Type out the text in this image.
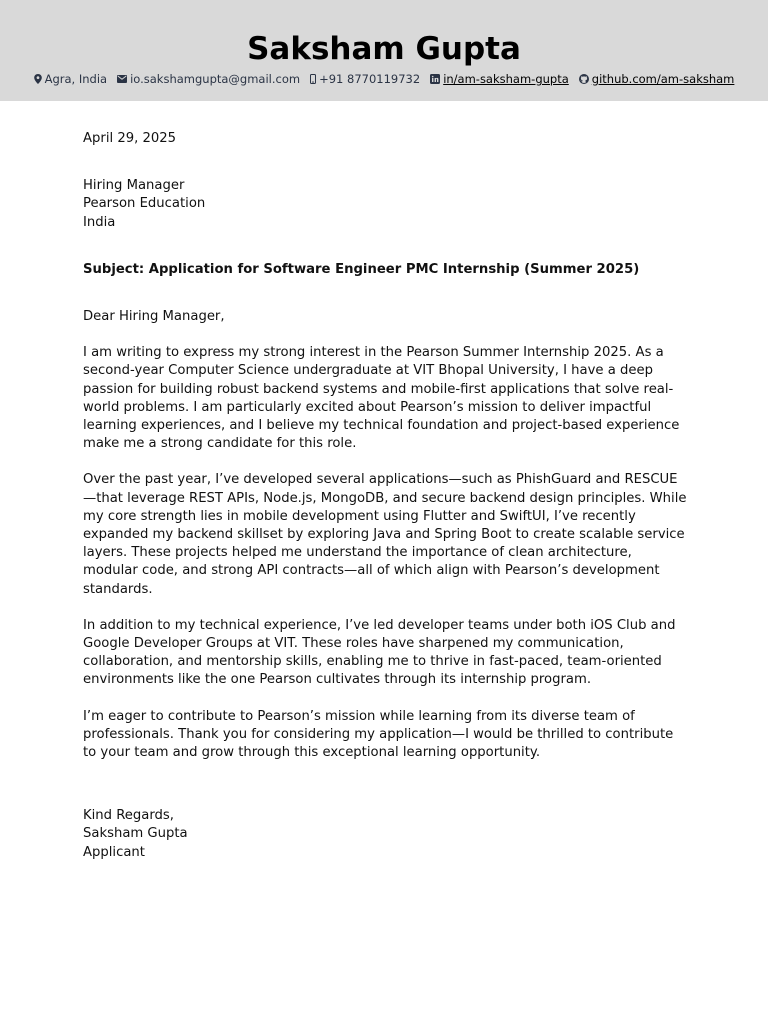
Saksham Gupta
Agra, India io.sakshamgupta@gmail.com +91 8770119732 in/am-saksham-gupta github.com/am-saksham

April 29, 2025

Hiring Manager

Pearson Education

India

Subject: Application for Software Engineer PMC Internship (Summer 2025)

Dear Hiring Manager,

I am writing to express my strong interest in the Pearson Summer Internship 2025. As a second-year Computer Science undergraduate at VIT Bhopal University, I have a deep passion for building robust backend systems and mobile-first applications that solve real-world problems. I am particularly excited about Pearson’s mission to deliver impactful learning experiences, and I believe my technical foundation and project-based experience make me a strong candidate for this role.

Over the past year, I’ve developed several applications—such as PhishGuard and RESCUE—that leverage REST APIs, Node.js, MongoDB, and secure backend design principles. While my core strength lies in mobile development using Flutter and SwiftUI, I’ve recently expanded my backend skillset by exploring Java and Spring Boot to create scalable service layers. These projects helped me understand the importance of clean architecture, modular code, and strong API contracts—all of which align with Pearson’s development standards.

In addition to my technical experience, I’ve led developer teams under both iOS Club and Google Developer Groups at VIT. These roles have sharpened my communication, collaboration, and mentorship skills, enabling me to thrive in fast-paced, team-oriented environments like the one Pearson cultivates through its internship program.

I’m eager to contribute to Pearson’s mission while learning from its diverse team of professionals. Thank you for considering my application—I would be thrilled to contribute to your team and grow through this exceptional learning opportunity.

Kind Regards,

Saksham Gupta

Applicant
